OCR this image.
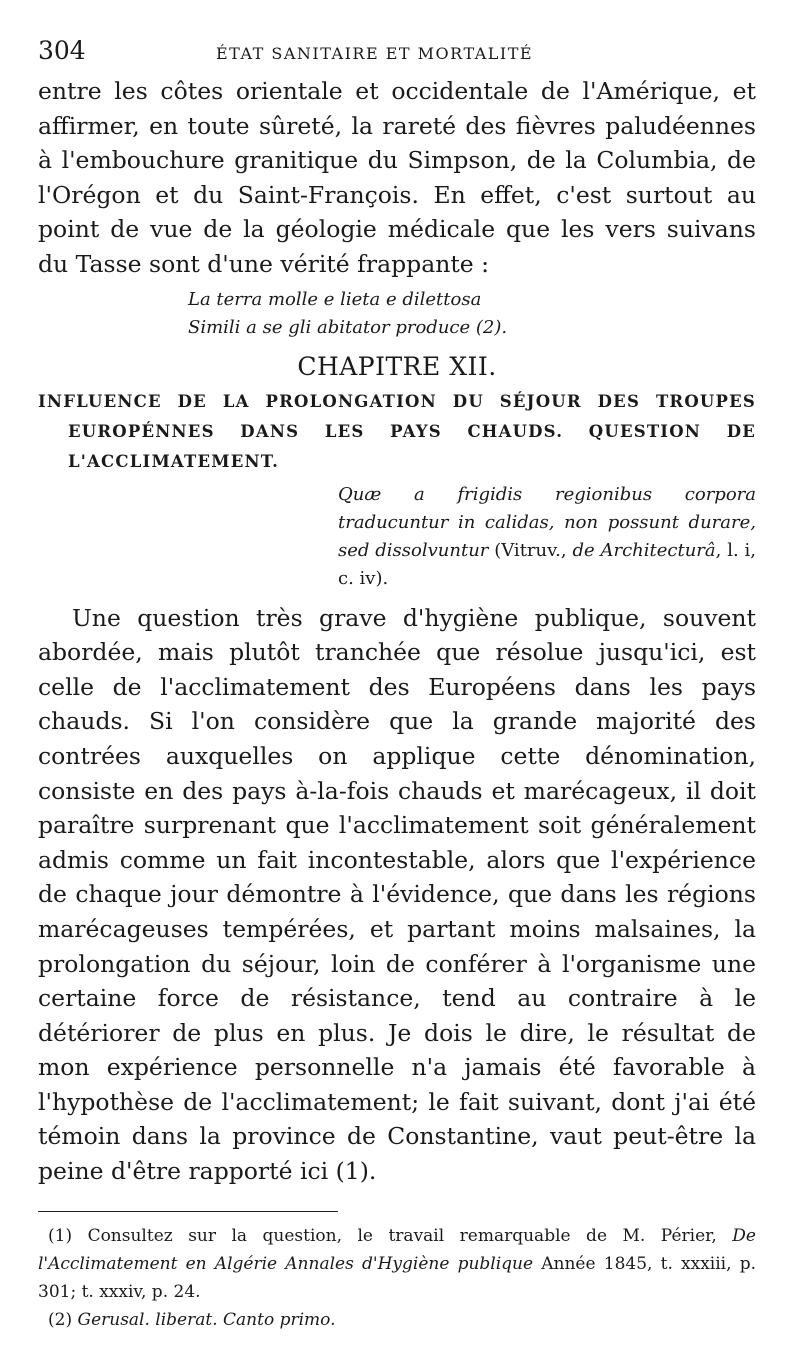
304	ÉTAT SANITAIRE ET MORTALITÉ

entre les côtes orientale et occidentale de l'Amérique, et affirmer, en toute sûreté, la rareté des fièvres paludéennes à l'embouchure granitique du Simpson, de la Columbia, de l'Orégon et du Saint-François. En effet, c'est surtout au point de vue de la géologie médicale que les vers suivans du Tasse sont d'une vérité frappante :

La terra molle e lieta e dilettosa
Simili a se gli abitator produce (2).
CHAPITRE XII.

INFLUENCE DE LA PROLONGATION DU SÉJOUR DES TROUPES EUROPÉNNES DANS LES PAYS CHAUDS. QUESTION DE L'ACCLIMATEMENT.

Quæ a frigidis regionibus corpora traducuntur in calidas, non possunt durare, sed dissolvuntur (Vitruv., de Architecturâ, l. i, c. iv).

Une question très grave d'hygiène publique, souvent abordée, mais plutôt tranchée que résolue jusqu'ici, est celle de l'acclimatement des Européens dans les pays chauds. Si l'on considère que la grande majorité des contrées auxquelles on applique cette dénomination, consiste en des pays à-la-fois chauds et marécageux, il doit paraître surprenant que l'acclimatement soit généralement admis comme un fait incontestable, alors que l'expérience de chaque jour démontre à l'évidence, que dans les régions marécageuses tempérées, et partant moins malsaines, la prolongation du séjour, loin de conférer à l'organisme une certaine force de résistance, tend au contraire à le détériorer de plus en plus. Je dois le dire, le résultat de mon expérience personnelle n'a jamais été favorable à l'hypothèse de l'acclimatement; le fait suivant, dont j'ai été témoin dans la province de Constantine, vaut peut-être la peine d'être rapporté ici (1).

(1) Consultez sur la question, le travail remarquable de M. Périer, De l'Acclimatement en Algérie Annales d'Hygiène publique Année 1845, t. xxxiii, p. 301; t. xxxiv, p. 24.

(2) Gerusal. liberat. Canto primo.
